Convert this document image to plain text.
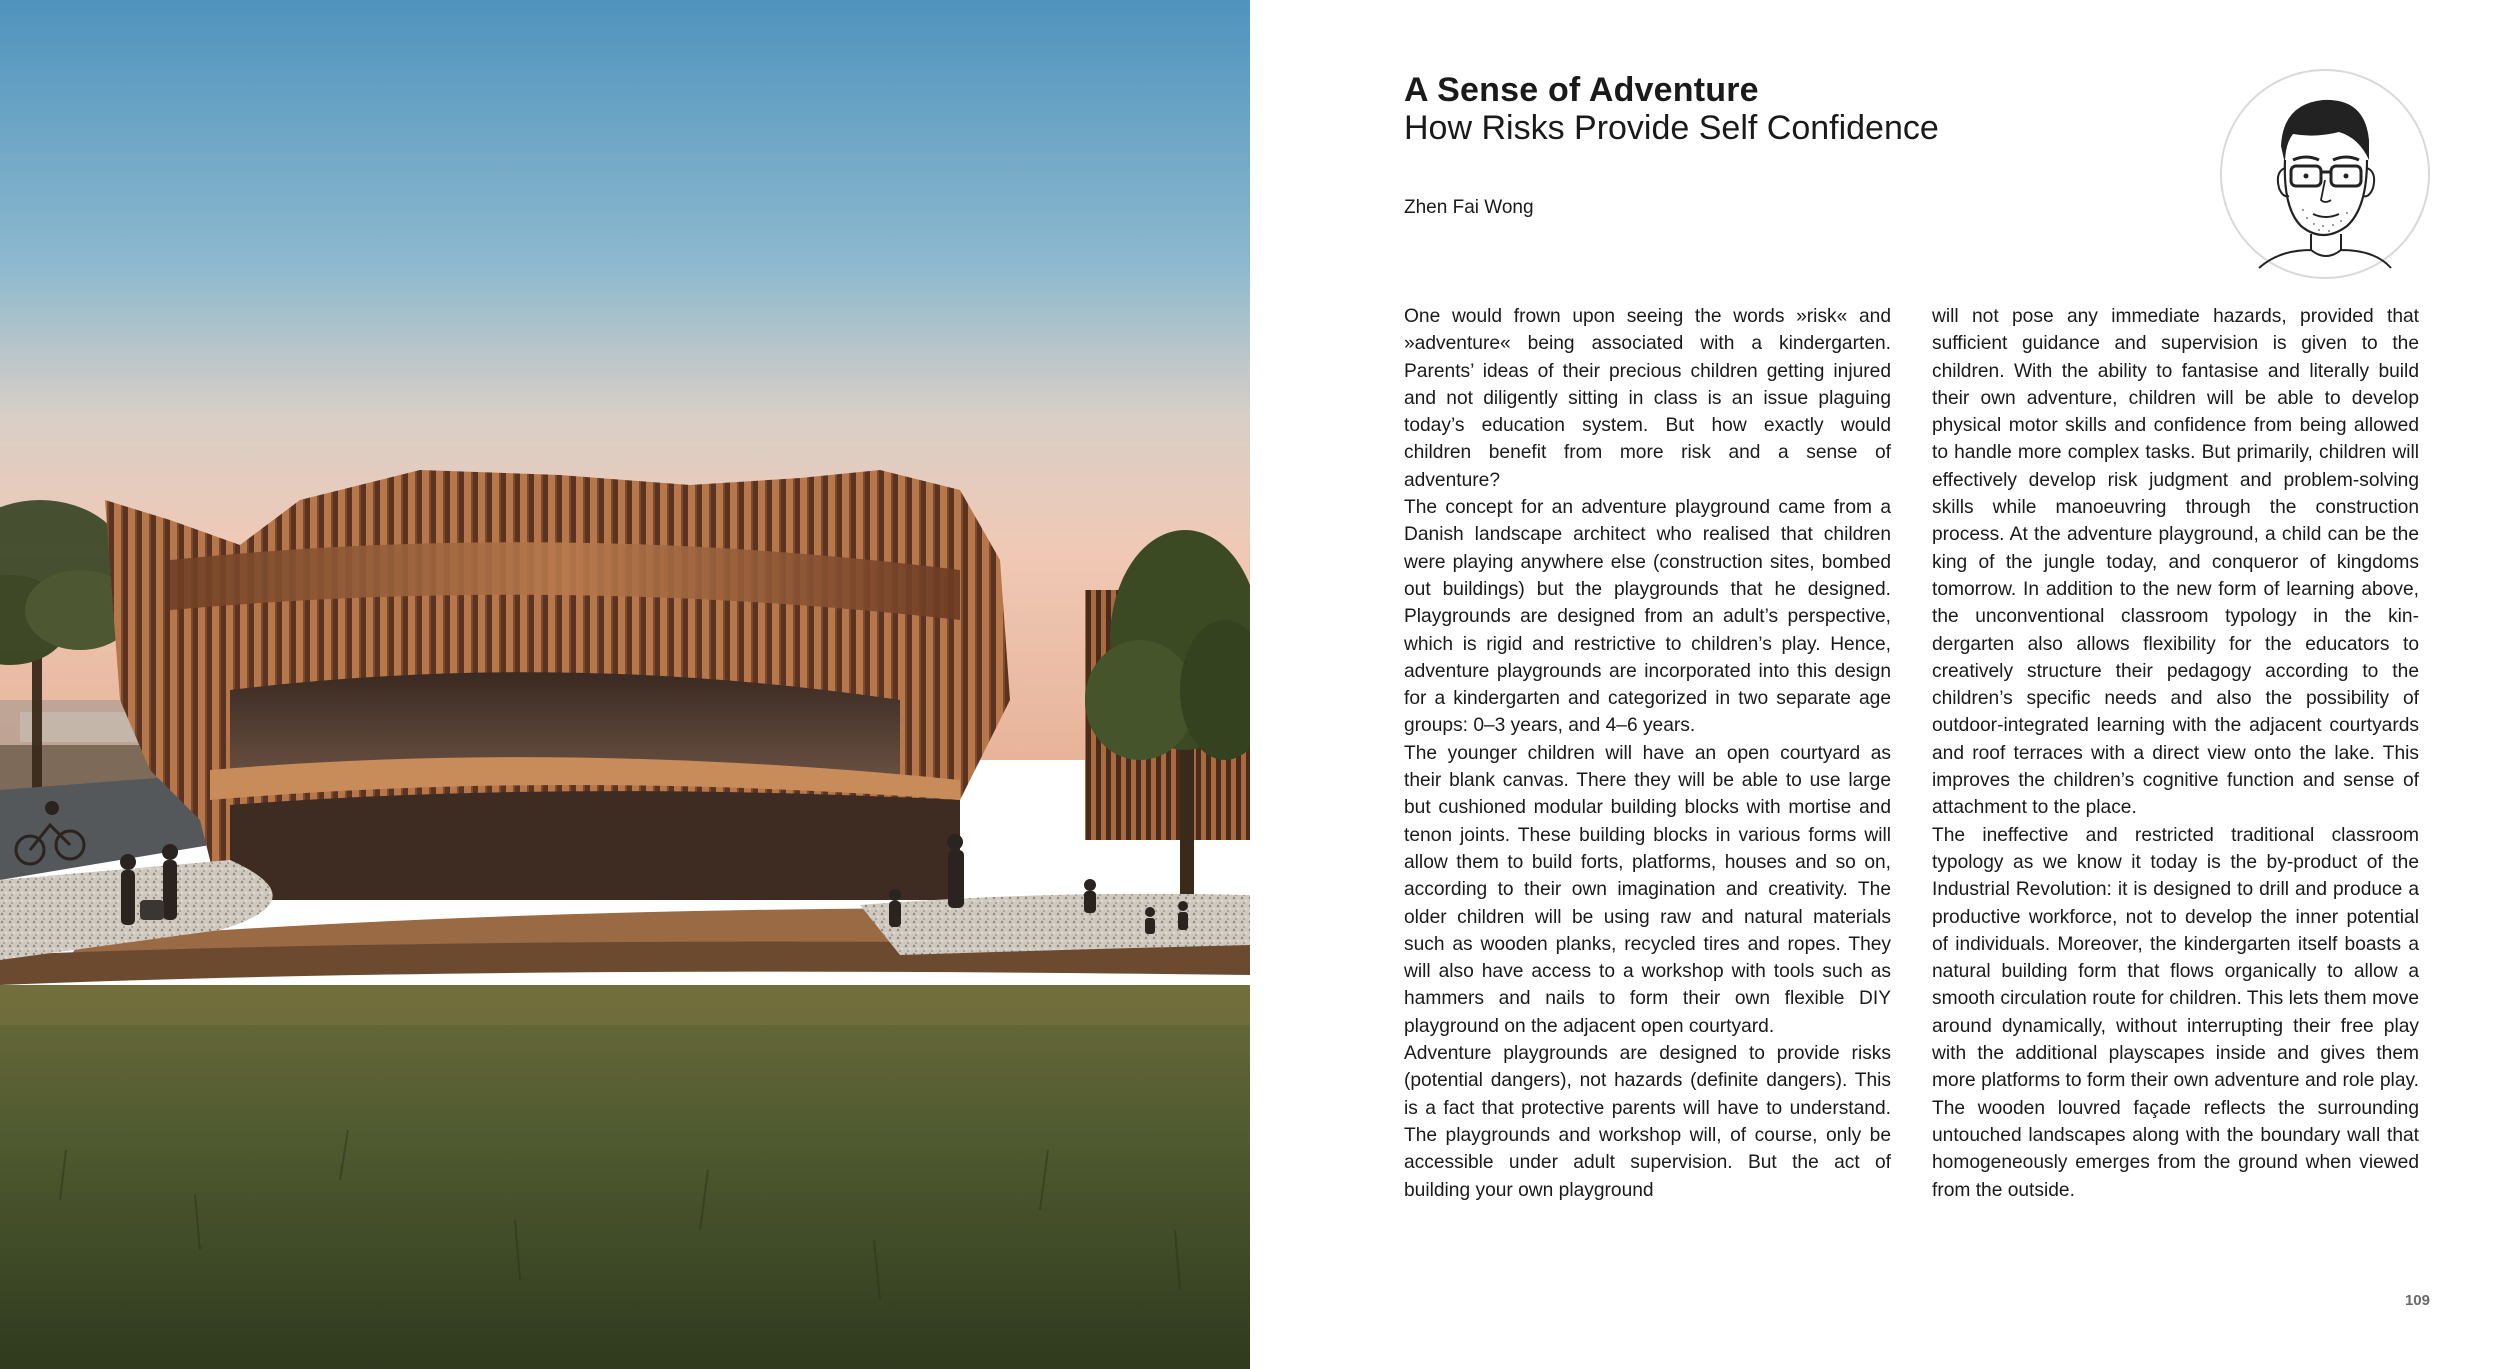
A Sense of Adventure
How Risks Provide Self Confidence
Zhen Fai Wong

One would frown upon seeing the words »risk« and »adventure« being associated with a kindergarten. Parents’ ideas of their precious children getting injured and not diligently sitting in class is an issue plaguing today’s education system. But how exactly would children benefit from more risk and a sense of adventure?

The concept for an adventure playground came from a Danish landscape architect who realised that children were playing anywhere else (construction sites, bombed out buildings) but the playgrounds that he designed. Playgrounds are designed from an adult’s perspective, which is rigid and restrictive to children’s play. Hence, adventure playgrounds are incorporated into this design for a kindergarten and categorized in two separate age groups: 0–3 years, and 4–6 years.

The younger children will have an open courtyard as their blank canvas. There they will be able to use large but cushioned modular building blocks with mortise and tenon joints. These building blocks in various forms will allow them to build forts, platforms, houses and so on, according to their own imagination and creativity. The older children will be using raw and natural materials such as wooden planks, recycled tires and ropes. They will also have access to a workshop with tools such as hammers and nails to form their own flexible DIY playground on the adjacent open courtyard.

Adventure playgrounds are designed to provide risks (potential dangers), not hazards (definite dangers). This is a fact that protective parents will have to understand. The playgrounds and workshop will, of course, only be accessible under adult supervision. But the act of building your own playground

will not pose any immediate hazards, provided that sufficient guidance and supervision is given to the children. With the ability to fantasise and literally build their own adventure, children will be able to develop physical motor skills and confidence from being allowed to handle more complex tasks. But primarily, children will effectively develop risk judgment and problem-solving skills while manoeuvring through the construction process. At the adventure playground, a child can be the king of the jungle today, and conqueror of kingdoms tomorrow. In addition to the new form of learning above, the unconventional classroom typology in the kindergarten also allows flexibility for the educators to creatively structure their pedagogy according to the children’s specific needs and also the possibility of outdoor-integrated learning with the adjacent courtyards and roof terraces with a direct view onto the lake. This improves the children’s cognitive function and sense of attachment to the place.

The ineffective and restricted traditional classroom typology as we know it today is the by-product of the Industrial Revolution: it is designed to drill and produce a productive workforce, not to develop the inner potential of individuals. Moreover, the kindergarten itself boasts a natural building form that flows organically to allow a smooth circulation route for children. This lets them move around dynamically, without interrupting their free play with the additional playscapes inside and gives them more platforms to form their own adventure and role play. The wooden louvred façade reflects the surrounding untouched landscapes along with the boundary wall that homogeneously emerges from the ground when viewed from the outside.

109
